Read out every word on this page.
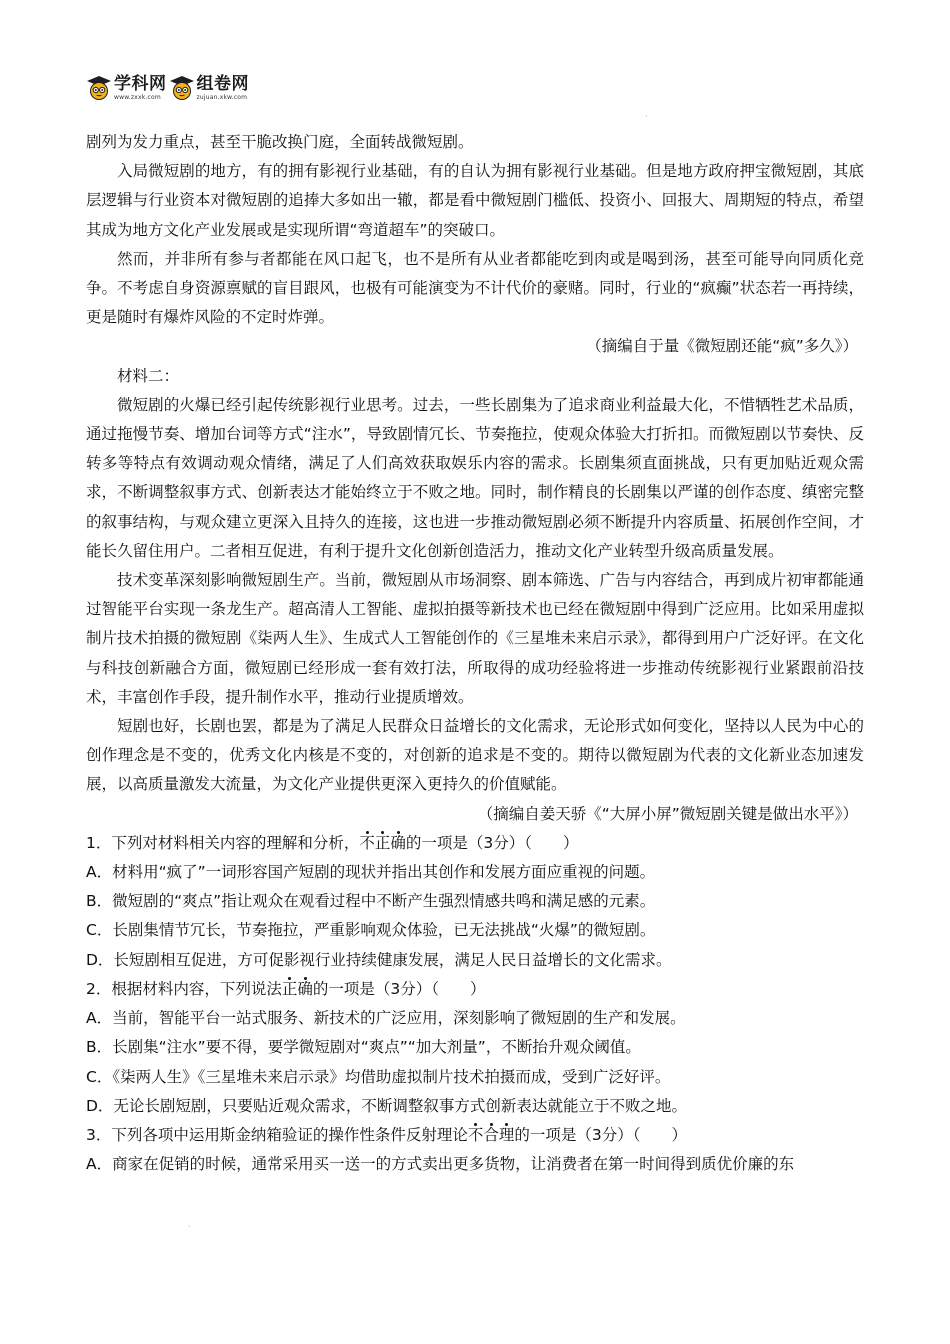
学科网
www.zxxk.com
组卷网
zujuan.xkw.com
·

剧列为发力重点，甚至干脆改换门庭，全面转战微短剧。

入局微短剧的地方，有的拥有影视行业基础，有的自认为拥有影视行业基础。但是地方政府押宝微短剧，其底层逻辑与行业资本对微短剧的追捧大多如出一辙，都是看中微短剧门槛低、投资小、回报大、周期短的特点，希望其成为地方文化产业发展或是实现所谓“弯道超车”的突破口。

然而，并非所有参与者都能在风口起飞，也不是所有从业者都能吃到肉或是喝到汤，甚至可能导向同质化竞争。不考虑自身资源禀赋的盲目跟风，也极有可能演变为不计代价的豪赌。同时，行业的“疯癫”状态若一再持续，更是随时有爆炸风险的不定时炸弹。

（摘编自于量《微短剧还能“疯”多久》）

材料二：

微短剧的火爆已经引起传统影视行业思考。过去，一些长剧集为了追求商业利益最大化，不惜牺牲艺术品质，通过拖慢节奏、增加台词等方式“注水”，导致剧情冗长、节奏拖拉，使观众体验大打折扣。而微短剧以节奏快、反转多等特点有效调动观众情绪，满足了人们高效获取娱乐内容的需求。长剧集须直面挑战，只有更加贴近观众需求，不断调整叙事方式、创新表达才能始终立于不败之地。同时，制作精良的长剧集以严谨的创作态度、缜密完整的叙事结构，与观众建立更深入且持久的连接，这也进一步推动微短剧必须不断提升内容质量、拓展创作空间，才能长久留住用户。二者相互促进，有利于提升文化创新创造活力，推动文化产业转型升级高质量发展。

技术变革深刻影响微短剧生产。当前，微短剧从市场洞察、剧本筛选、广告与内容结合，再到成片初审都能通过智能平台实现一条龙生产。超高清人工智能、虚拟拍摄等新技术也已经在微短剧中得到广泛应用。比如采用虚拟制片技术拍摄的微短剧《柒两人生》、生成式人工智能创作的《三星堆未来启示录》，都得到用户广泛好评。在文化与科技创新融合方面，微短剧已经形成一套有效打法，所取得的成功经验将进一步推动传统影视行业紧跟前沿技术，丰富创作手段，提升制作水平，推动行业提质增效。

短剧也好，长剧也罢，都是为了满足人民群众日益增长的文化需求，无论形式如何变化，坚持以人民为中心的创作理念是不变的，优秀文化内核是不变的，对创新的追求是不变的。期待以微短剧为代表的文化新业态加速发展，以高质量激发大流量，为文化产业提供更深入更持久的价值赋能。

（摘编自姜天骄《“大屏小屏”微短剧关键是做出水平》）

1．下列对材料相关内容的理解和分析，不正确的一项是（3分）（　　）

A．材料用“疯了”一词形容国产短剧的现状并指出其创作和发展方面应重视的问题。

B．微短剧的“爽点”指让观众在观看过程中不断产生强烈情感共鸣和满足感的元素。

C．长剧集情节冗长，节奏拖拉，严重影响观众体验，已无法挑战“火爆”的微短剧。

D．长短剧相互促进，方可促影视行业持续健康发展，满足人民日益增长的文化需求。

2．根据材料内容，下列说法正确的一项是（3分）（　　）

A．当前，智能平台一站式服务、新技术的广泛应用，深刻影响了微短剧的生产和发展。

B．长剧集“注水”要不得，要学微短剧对“爽点”“加大剂量”，不断抬升观众阈值。

C．《柒两人生》《三星堆未来启示录》均借助虚拟制片技术拍摄而成，受到广泛好评。

D．无论长剧短剧，只要贴近观众需求，不断调整叙事方式创新表达就能立于不败之地。

3．下列各项中运用斯金纳箱验证的操作性条件反射理论不合理的一项是（3分）（　　）

A．商家在促销的时候，通常采用买一送一的方式卖出更多货物，让消费者在第一时间得到质优价廉的东

·
